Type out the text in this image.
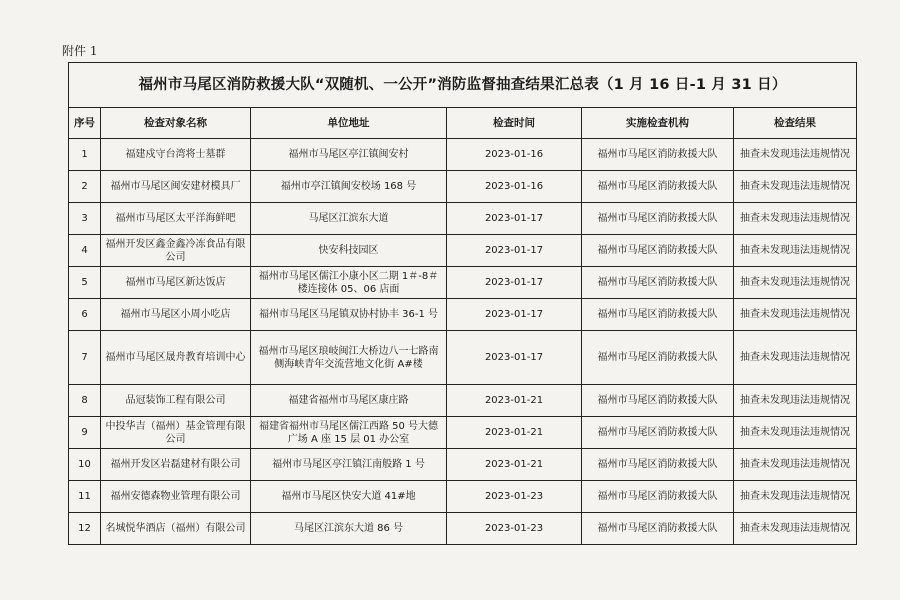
附件 1
福州市马尾区消防救援大队“双随机、一公开”消防监督抽查结果汇总表（1 月 16 日-1 月 31 日）					
序号	检查对象名称	单位地址	检查时间	实施检查机构	检查结果
1	福建戍守台湾将士墓群	福州市马尾区亭江镇闽安村	2023-01-16	福州市马尾区消防救援大队	抽查未发现违法违规情况
2	福州市马尾区闽安建材模具厂	福州市亭江镇闽安校场 168 号	2023-01-16	福州市马尾区消防救援大队	抽查未发现违法违规情况
3	福州市马尾区太平洋海鲜吧	马尾区江滨东大道	2023-01-17	福州市马尾区消防救援大队	抽查未发现违法违规情况
4	福州开发区鑫金鑫冷冻食品有限公司	快安科技园区	2023-01-17	福州市马尾区消防救援大队	抽查未发现违法违规情况
5	福州市马尾区新达饭店	福州市马尾区儒江小康小区二期 1＃-8＃楼连接体 05、06 店面	2023-01-17	福州市马尾区消防救援大队	抽查未发现违法违规情况
6	福州市马尾区小周小吃店	福州市马尾区马尾镇双协村协丰 36-1 号	2023-01-17	福州市马尾区消防救援大队	抽查未发现违法违规情况
7	福州市马尾区晟舟教育培训中心	福州市马尾区琅岐闽江大桥边八一七路南侧海峡青年交流营地文化街 A#楼	2023-01-17	福州市马尾区消防救援大队	抽查未发现违法违规情况
8	品冠装饰工程有限公司	福建省福州市马尾区康庄路	2023-01-21	福州市马尾区消防救援大队	抽查未发现违法违规情况
9	中投华吉（福州）基金管理有限公司	福建省福州市马尾区儒江西路 50 号大德广场 A 座 15 层 01 办公室	2023-01-21	福州市马尾区消防救援大队	抽查未发现违法违规情况
10	福州开发区岩磊建材有限公司	福州市马尾区亭江镇江南般路 1 号	2023-01-21	福州市马尾区消防救援大队	抽查未发现违法违规情况
11	福州安德森物业管理有限公司	福州市马尾区快安大道 41#地	2023-01-23	福州市马尾区消防救援大队	抽查未发现违法违规情况
12	名城悦华酒店（福州）有限公司	马尾区江滨东大道 86 号	2023-01-23	福州市马尾区消防救援大队	抽查未发现违法违规情况
